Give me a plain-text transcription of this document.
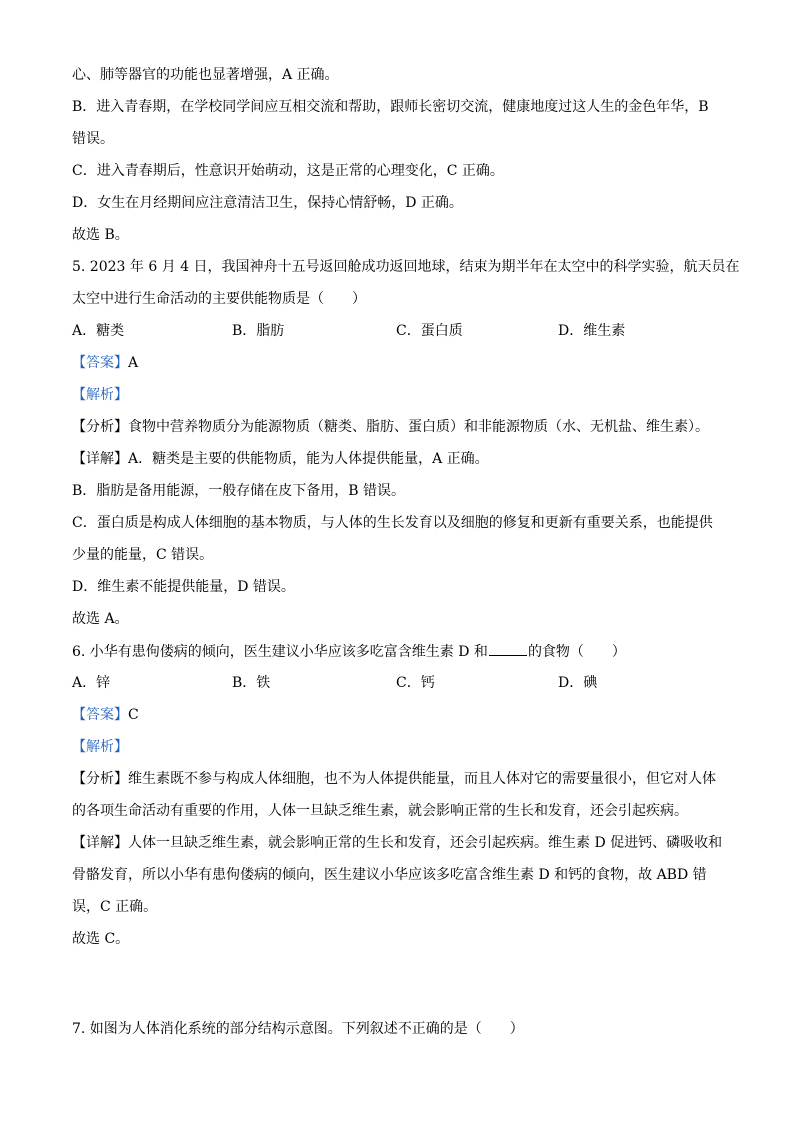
心、肺等器官的功能也显著增强，A 正确。

B．进入青春期，在学校同学间应互相交流和帮助，跟师长密切交流，健康地度过这人生的金色年华，B

错误。

C．进入青春期后，性意识开始萌动，这是正常的心理变化，C 正确。

D．女生在月经期间应注意清洁卫生，保持心情舒畅，D 正确。

故选 B。

5. 2023 年 6 月 4 日，我国神舟十五号返回舱成功返回地球，结束为期半年在太空中的科学实验，航天员在

太空中进行生命活动的主要供能物质是（　　）

A．糖类	B．脂肪	C．蛋白质	D．维生素

【答案】A

【解析】

【分析】食物中营养物质分为能源物质（糖类、脂肪、蛋白质）和非能源物质（水、无机盐、维生素）。

【详解】A．糖类是主要的供能物质，能为人体提供能量，A 正确。

B．脂肪是备用能源，一般存储在皮下备用，B 错误。

C．蛋白质是构成人体细胞的基本物质，与人体的生长发育以及细胞的修复和更新有重要关系，也能提供

少量的能量，C 错误。

D．维生素不能提供能量，D 错误。

故选 A。

6. 小华有患佝偻病的倾向，医生建议小华应该多吃富含维生素 D 和	的食物（　　）

A．锌	B．铁	C．钙	D．碘

【答案】C

【解析】

【分析】维生素既不参与构成人体细胞，也不为人体提供能量，而且人体对它的需要量很小，但它对人体

的各项生命活动有重要的作用，人体一旦缺乏维生素，就会影响正常的生长和发育，还会引起疾病。

【详解】人体一旦缺乏维生素，就会影响正常的生长和发育，还会引起疾病。维生素 D 促进钙、磷吸收和

骨骼发育，所以小华有患佝偻病的倾向，医生建议小华应该多吃富含维生素 D 和钙的食物，故 ABD 错

误，C 正确。

故选 C。

7. 如图为人体消化系统的部分结构示意图。下列叙述不正确的是（　　）
